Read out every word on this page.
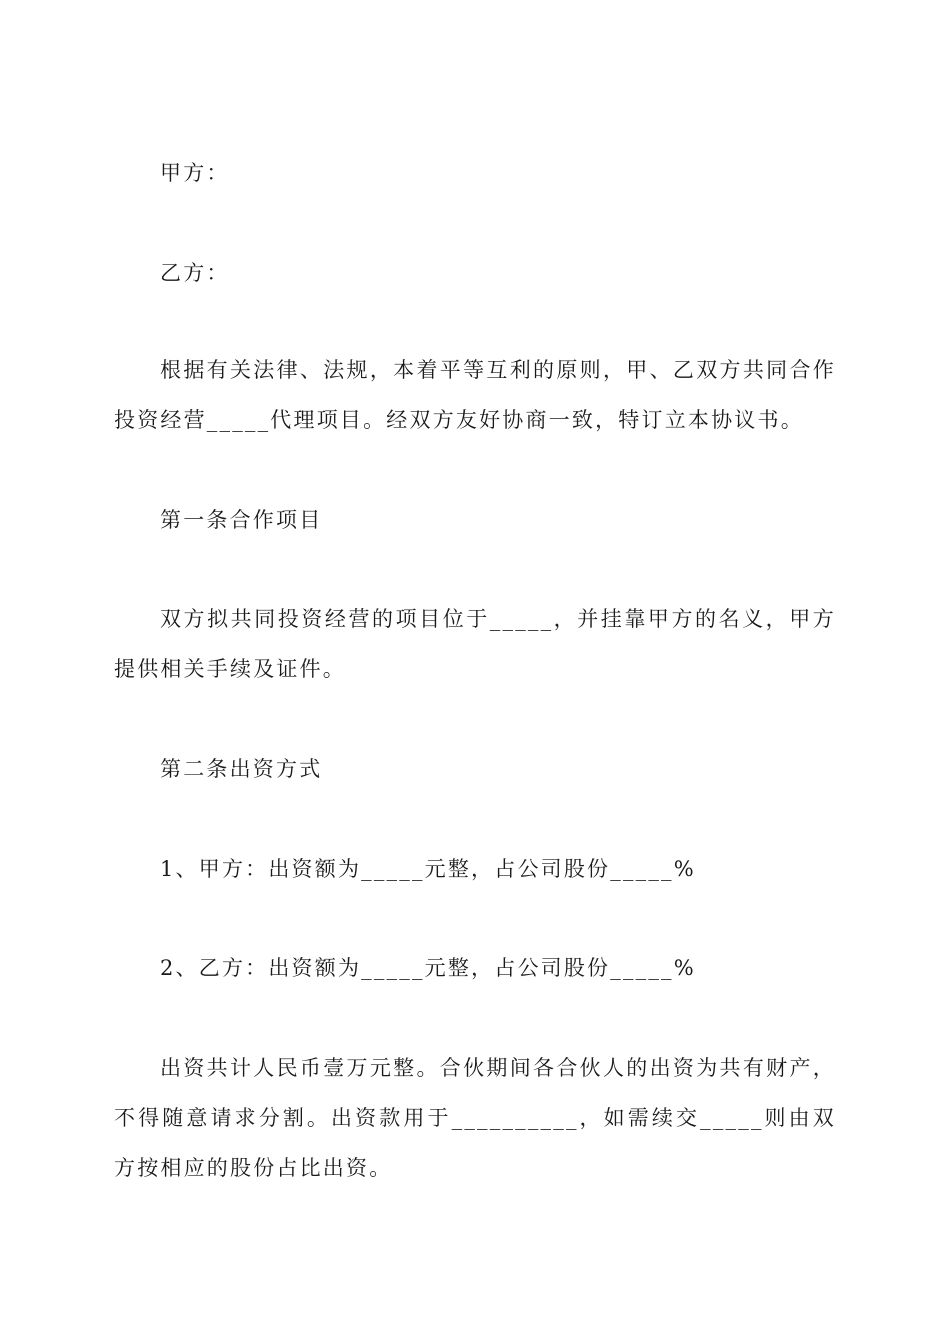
甲方：

乙方：

根据有关法律、法规，本着平等互利的原则，甲、乙双方共同合作投资经营_____代理项目。经双方友好协商一致，特订立本协议书。

第一条合作项目

双方拟共同投资经营的项目位于_____，并挂靠甲方的名义，甲方提供相关手续及证件。

第二条出资方式

1、甲方：出资额为_____元整，占公司股份_____%

2、乙方：出资额为_____元整，占公司股份_____%

出资共计人民币壹万元整。合伙期间各合伙人的出资为共有财产，不得随意请求分割。出资款用于__________，如需续交_____则由双方按相应的股份占比出资。
